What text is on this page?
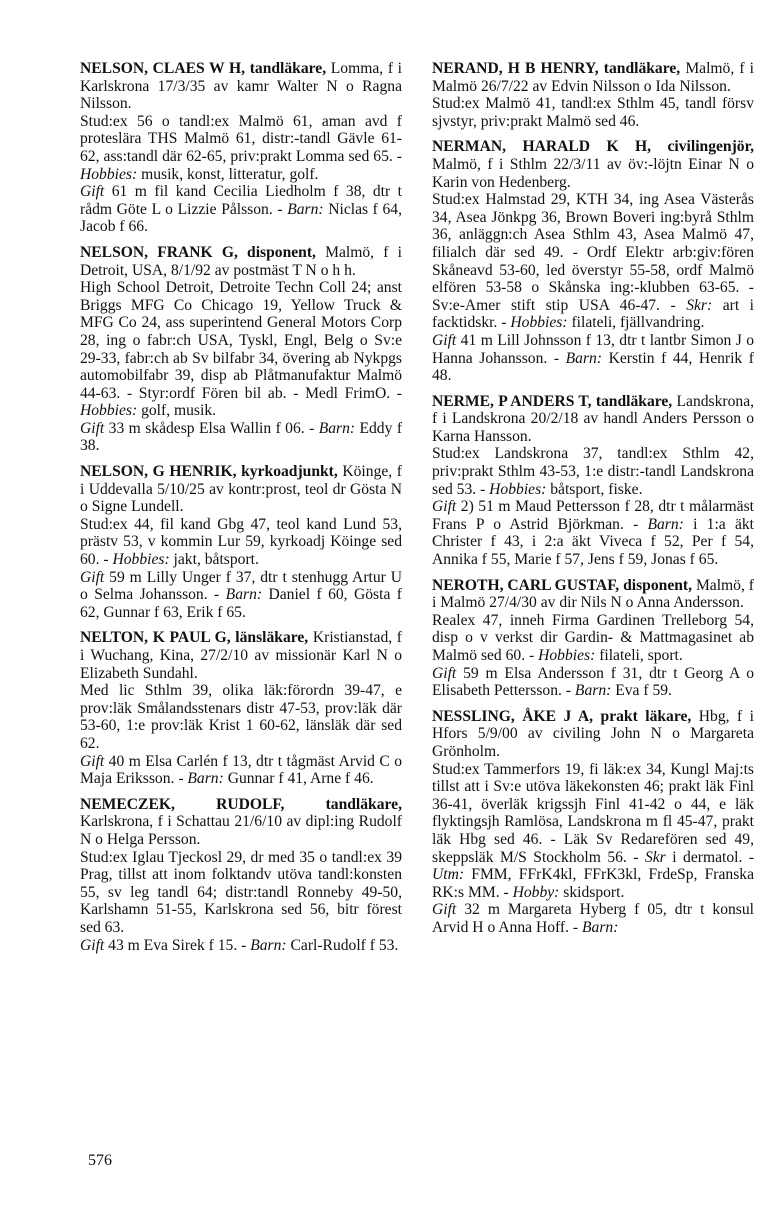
NELSON, CLAES W H, tandläkare, Lomma, f i Karlskrona 17/3/35 av kamr Walter N o Ragna Nilsson.

Stud:ex 56 o tandl:ex Malmö 61, aman avd f proteslära THS Malmö 61, distr:-tandl Gävle 61-62, ass:tandl där 62-65, priv:prakt Lomma sed 65. - Hobbies: musik, konst, litteratur, golf.

Gift 61 m fil kand Cecilia Liedholm f 38, dtr t rådm Göte L o Lizzie Pålsson. - Barn: Niclas f 64, Jacob f 66.

NELSON, FRANK G, disponent, Malmö, f i Detroit, USA, 8/1/92 av postmäst T N o h h.

High School Detroit, Detroite Techn Coll 24; anst Briggs MFG Co Chicago 19, Yellow Truck & MFG Co 24, ass superintend General Motors Corp 28, ing o fabr:ch USA, Tyskl, Engl, Belg o Sv:e 29-33, fabr:ch ab Sv bilfabr 34, övering ab Nykpgs automobilfabr 39, disp ab Plåtmanufaktur Malmö 44-63. - Styr:ordf Fören bil ab. - Medl FrimO. - Hobbies: golf, musik.

Gift 33 m skådesp Elsa Wallin f 06. - Barn: Eddy f 38.

NELSON, G HENRIK, kyrkoadjunkt, Köinge, f i Uddevalla 5/10/25 av kontr:prost, teol dr Gösta N o Signe Lundell.

Stud:ex 44, fil kand Gbg 47, teol kand Lund 53, prästv 53, v kommin Lur 59, kyrkoadj Köinge sed 60. - Hobbies: jakt, båtsport.

Gift 59 m Lilly Unger f 37, dtr t stenhugg Artur U o Selma Johansson. - Barn: Daniel f 60, Gösta f 62, Gunnar f 63, Erik f 65.

NELTON, K PAUL G, länsläkare, Kristianstad, f i Wuchang, Kina, 27/2/10 av missionär Karl N o Elizabeth Sundahl.

Med lic Sthlm 39, olika läk:förordn 39-47, e prov:läk Smålandsstenars distr 47-53, prov:läk där 53-60, 1:e prov:läk Krist 1 60-62, länsläk där sed 62.

Gift 40 m Elsa Carlén f 13, dtr t tågmäst Arvid C o Maja Eriksson. - Barn: Gunnar f 41, Arne f 46.

NEMECZEK, RUDOLF,	tandläkare, Karlskrona, f i Schattau 21/6/10 av dipl:ing Rudolf N o Helga Persson.

Stud:ex Iglau Tjeckosl 29, dr med 35 o tandl:ex 39 Prag, tillst att inom folktandv utöva tandl:konsten 55, sv leg tandl 64; distr:tandl Ronneby 49-50, Karlshamn 51-55, Karlskrona sed 56, bitr förest sed 63.

Gift 43 m Eva Sirek f 15. - Barn: Carl-Rudolf f 53.

NERAND, H B HENRY, tandläkare, Malmö, f i Malmö 26/7/22 av Edvin Nilsson o Ida Nilsson.

Stud:ex Malmö 41, tandl:ex Sthlm 45, tandl försv sjvstyr, priv:prakt Malmö sed 46.

NERMAN, HARALD K H, civilingenjör, Malmö, f i Sthlm 22/3/11 av öv:-löjtn Einar N o Karin von Hedenberg.

Stud:ex Halmstad 29, KTH 34, ing Asea Västerås 34, Asea Jönkpg 36, Brown Boveri ing:byrå Sthlm 36, anläggn:ch Asea Sthlm 43, Asea Malmö 47, filialch där sed 49. - Ordf Elektr arb:giv:fören Skåneavd 53-60, led överstyr 55-58, ordf Malmö elfören 53-58 o Skånska ing:-klubben 63-65. - Sv:e-Amer stift stip USA 46-47. - Skr: art i facktidskr. - Hobbies: filateli, fjällvandring.

Gift 41 m Lill Johnsson f 13, dtr t lantbr Simon J o Hanna Johansson. - Barn: Kerstin f 44, Henrik f 48.

NERME, P ANDERS T, tandläkare, Landskrona, f i Landskrona 20/2/18 av handl Anders Persson o Karna Hansson.

Stud:ex Landskrona 37, tandl:ex Sthlm 42, priv:prakt Sthlm 43-53, 1:e distr:-tandl Landskrona sed 53. - Hobbies: båtsport, fiske.

Gift 2) 51 m Maud Pettersson f 28, dtr t målarmäst Frans P o Astrid Björkman. - Barn: i 1:a äkt Christer f 43, i 2:a äkt Viveca f 52, Per f 54, Annika f 55, Marie f 57, Jens f 59, Jonas f 65.

NEROTH, CARL GUSTAF, disponent, Malmö, f i Malmö 27/4/30 av dir Nils N o Anna Andersson.

Realex 47, inneh Firma Gardinen Trelleborg 54, disp o v verkst dir Gardin- & Mattmagasinet ab Malmö sed 60. - Hobbies: filateli, sport.

Gift 59 m Elsa Andersson f 31, dtr t Georg A o Elisabeth Pettersson. - Barn: Eva f 59.

NESSLING, ÅKE J A, prakt läkare, Hbg, f i Hfors 5/9/00 av civiling John N o Margareta Grönholm.

Stud:ex Tammerfors 19, fi läk:ex 34, Kungl Maj:ts tillst att i Sv:e utöva läkekonsten 46; prakt läk Finl 36-41, överläk krigssjh Finl 41-42 o 44, e läk flyktingsjh Ramlösa, Landskrona m fl 45-47, prakt läk Hbg sed 46. - Läk Sv Redarefören sed 49, skeppsläk M/S Stockholm 56. - Skr i dermatol. - Utm: FMM, FFrK4kl, FFrK3kl, FrdeSp, Franska RK:s MM. - Hobby: skidsport.

Gift 32 m Margareta Hyberg f 05, dtr t konsul Arvid H o Anna Hoff. - Barn:

576
